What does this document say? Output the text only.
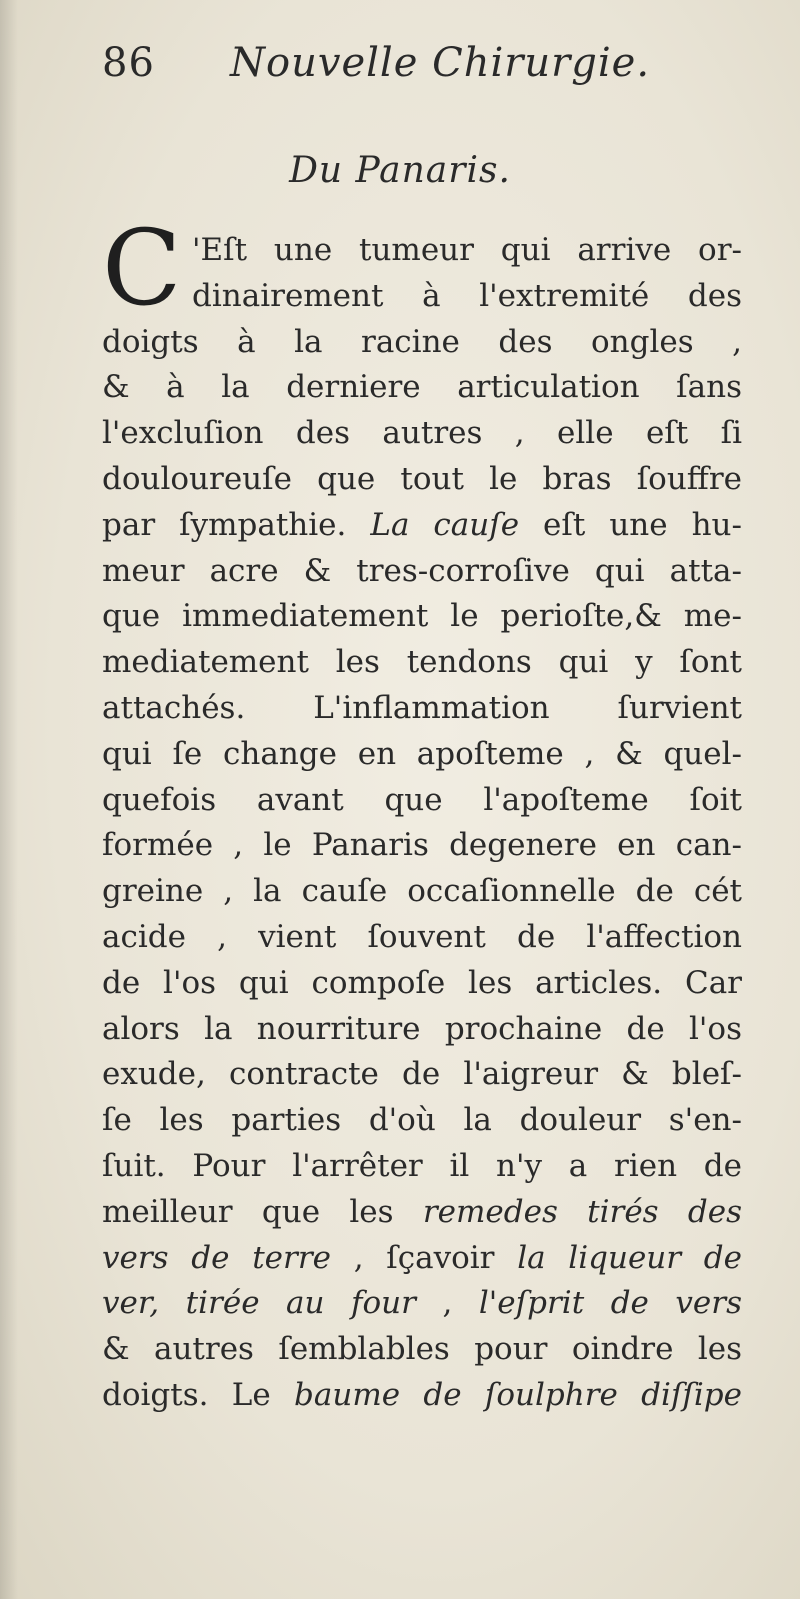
86 Nouvelle Chirurgie.
Du Panaris.
C 'Eſt une tumeur qui arrive or-
dinairement à l'extremité des
doigts à la racine des ongles ,
& à la derniere articulation ſans
l'excluſion des autres , elle eſt ſi
douloureuſe que tout le bras ſouffre
par ſympathie. La cauſe eſt une hu-
meur acre & tres-corroſive qui atta-
que immediatement le perioſte,& me-
mediatement les tendons qui y ſont
attachés. L'inflammation ſurvient
qui ſe change en apoſteme , & quel-
quefois avant que l'apoſteme ſoit
formée , le Panaris degenere en can-
greine , la cauſe occaſionnelle de cét
acide , vient ſouvent de l'affection
de l'os qui compoſe les articles. Car
alors la nourriture prochaine de l'os
exude, contracte de l'aigreur & bleſ-
ſe les parties d'où la douleur s'en-
ſuit. Pour l'arrêter il n'y a rien de
meilleur que les remedes tirés des
vers de terre , ſçavoir la liqueur de
ver, tirée au four , l'eſprit de vers
& autres ſemblables pour oindre les
doigts. Le baume de ſoulphre diſſipe
